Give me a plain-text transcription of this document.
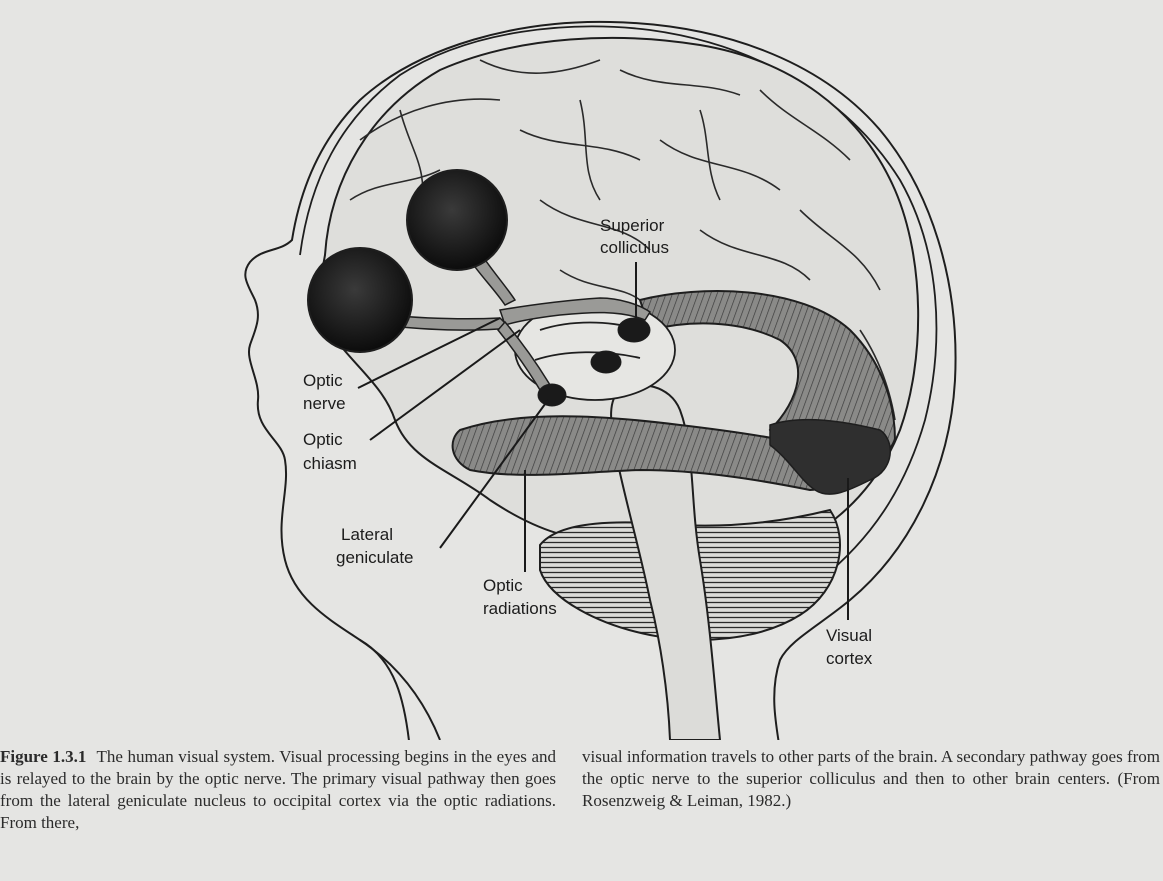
Superior
colliculus
Optic
nerve
Optic
chiasm
Lateral
geniculate
Optic
radiations
Visual
cortex
Figure 1.3.1 The human visual system. Visual processing begins in the eyes and is relayed to the brain by the optic nerve. The primary visual pathway then goes from the lateral geniculate nucleus to occipital cortex via the optic radiations. From there,
visual information travels to other parts of the brain. A secondary pathway goes from the optic nerve to the superior colliculus and then to other brain centers. (From Rosenzweig & Leiman, 1982.)
